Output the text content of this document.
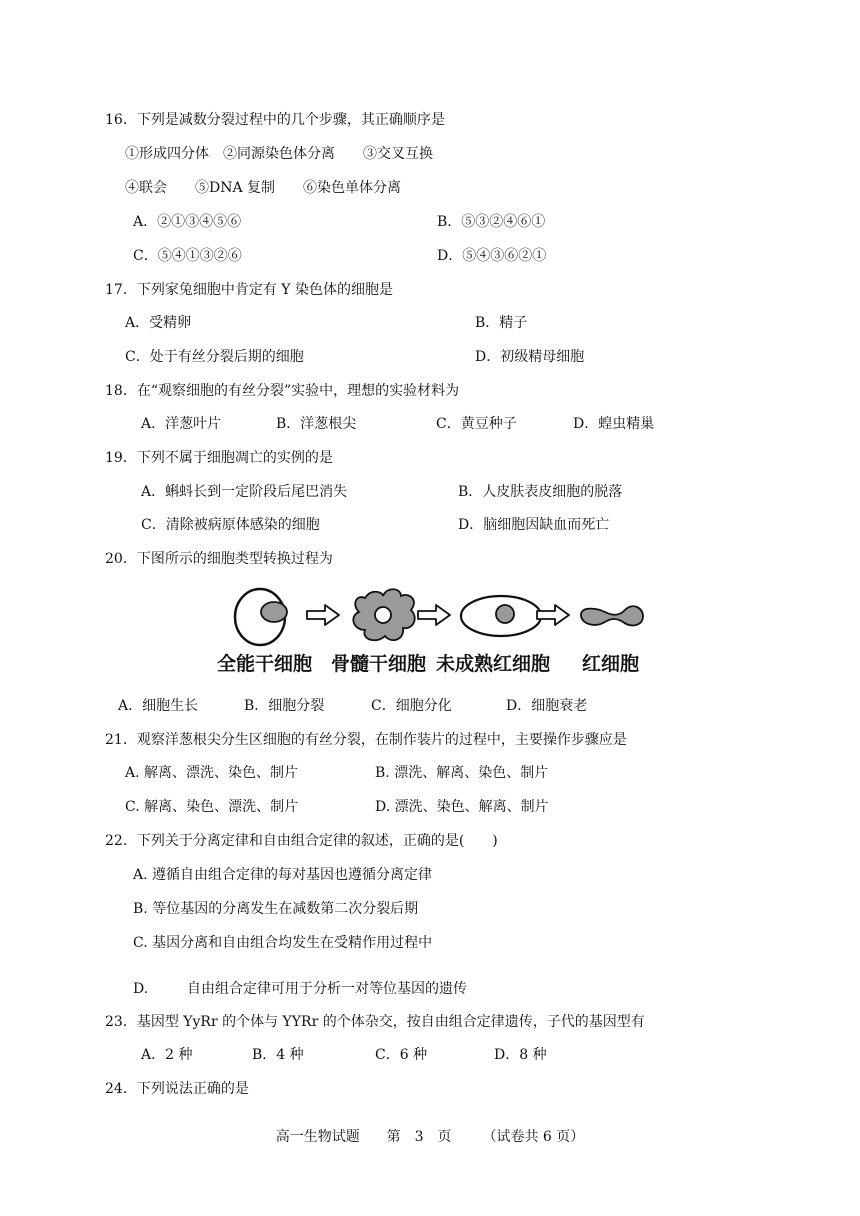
16．下列是减数分裂过程中的几个步骤，其正确顺序是
①形成四分体　②同源染色体分离　　③交叉互换
④联会　　⑤DNA 复制　　⑥染色单体分离
A．②①③④⑤⑥	B．⑤③②④⑥①
C．⑤④①③②⑥	D．⑤④③⑥②①
17．下列家兔细胞中肯定有 Y 染色体的细胞是
A．受精卵	B．精子
C．处于有丝分裂后期的细胞	D．初级精母细胞
18．在“观察细胞的有丝分裂”实验中，理想的实验材料为
A．洋葱叶片	B．洋葱根尖	C．黄豆种子	D．蝗虫精巢
19．下列不属于细胞凋亡的实例的是
A．蝌蚪长到一定阶段后尾巴消失	B．人皮肤表皮细胞的脱落
C．清除被病原体感染的细胞	D．脑细胞因缺血而死亡
20．下图所示的细胞类型转换过程为
全能干细胞 骨髓干细胞 未成熟红细胞 红细胞
A．细胞生长	B．细胞分裂	C．细胞分化	D．细胞衰老
21．观察洋葱根尖分生区细胞的有丝分裂，在制作装片的过程中，主要操作步骤应是
A. 解离、漂洗、染色、制片	B. 漂洗、解离、染色、制片
C. 解离、染色、漂洗、制片	D. 漂洗、染色、解离、制片
22．下列关于分离定律和自由组合定律的叙述，正确的是(　　)
A. 遵循自由组合定律的每对基因也遵循分离定律
B. 等位基因的分离发生在减数第二次分裂后期
C. 基因分离和自由组合均发生在受精作用过程中
D.	自由组合定律可用于分析一对等位基因的遗传
23．基因型 YyRr 的个体与 YYRr 的个体杂交，按自由组合定律遗传，子代的基因型有
A．2 种	B．4 种	C．6 种	D．8 种
24．下列说法正确的是
高一生物试题 第　3　页 （试卷共 6 页）
